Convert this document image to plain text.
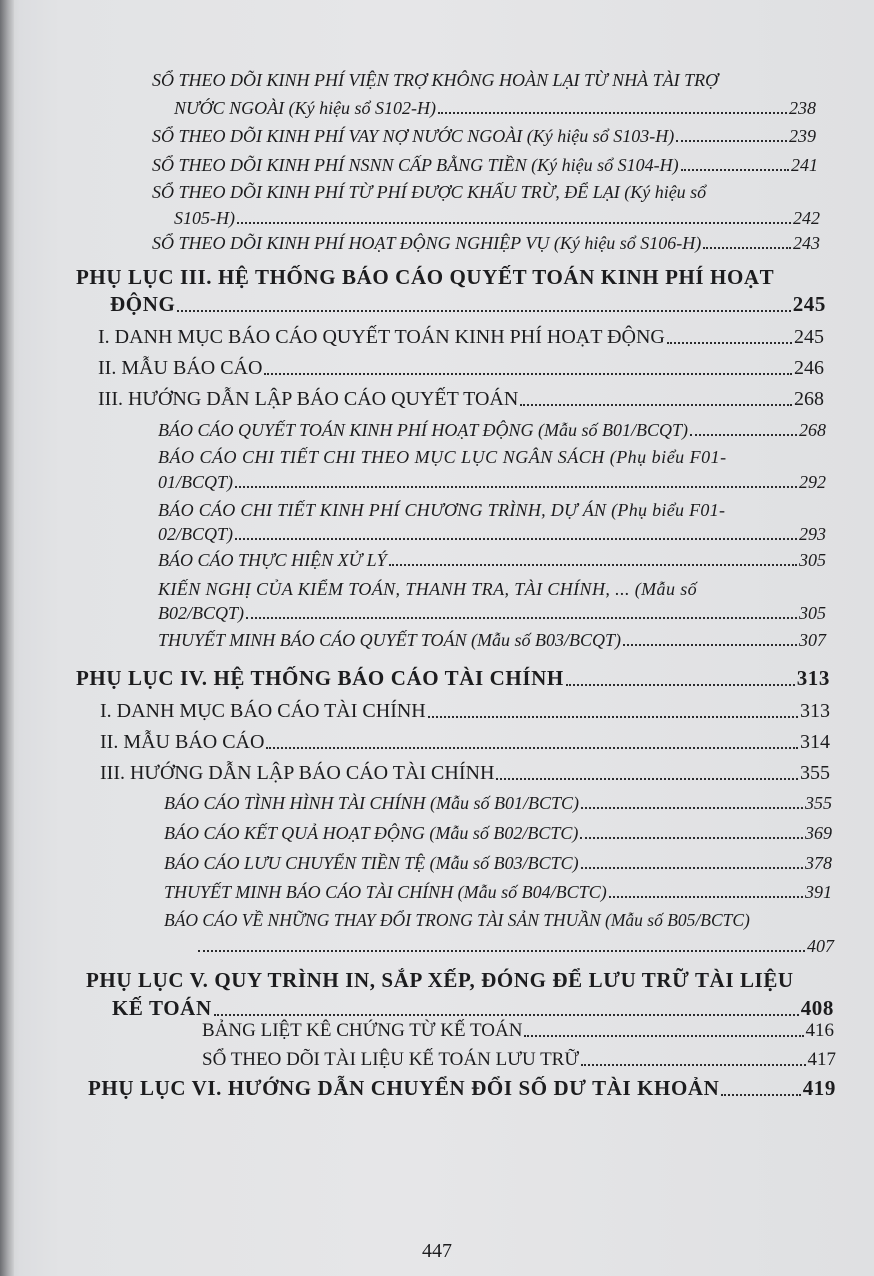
SỔ THEO DÕI KINH PHÍ VIỆN TRỢ KHÔNG HOÀN LẠI TỪ NHÀ TÀI TRỢ
NƯỚC NGOÀI (Ký hiệu sổ S102-H)	238
SỔ THEO DÕI KINH PHÍ VAY NỢ NƯỚC NGOÀI (Ký hiệu sổ S103-H)	239
SỔ THEO DÕI KINH PHÍ NSNN CẤP BẰNG TIỀN (Ký hiệu sổ S104-H)	241
SỔ THEO DÕI KINH PHÍ TỪ PHÍ ĐƯỢC KHẤU TRỪ, ĐỂ LẠI (Ký hiệu sổ
S105-H)	242
SỔ THEO DÕI KINH PHÍ HOẠT ĐỘNG NGHIỆP VỤ (Ký hiệu sổ S106-H)	243
PHỤ LỤC III. HỆ THỐNG BÁO CÁO QUYẾT TOÁN KINH PHÍ HOẠT
ĐỘNG	245
I. DANH MỤC BÁO CÁO QUYẾT TOÁN KINH PHÍ HOẠT ĐỘNG	245
II. MẪU BÁO CÁO	246
III. HƯỚNG DẪN LẬP BÁO CÁO QUYẾT TOÁN	268
BÁO CÁO QUYẾT TOÁN KINH PHÍ HOẠT ĐỘNG (Mẫu số B01/BCQT)	268
BÁO CÁO CHI TIẾT CHI THEO MỤC LỤC NGÂN SÁCH (Phụ biểu F01-
01/BCQT)	292
BÁO CÁO CHI TIẾT KINH PHÍ CHƯƠNG TRÌNH, DỰ ÁN (Phụ biểu F01-
02/BCQT)	293
BÁO CÁO THỰC HIỆN XỬ LÝ	305
KIẾN NGHỊ CỦA KIỂM TOÁN, THANH TRA, TÀI CHÍNH, ... (Mẫu số
B02/BCQT)	305
THUYẾT MINH BÁO CÁO QUYẾT TOÁN (Mẫu số B03/BCQT)	307
PHỤ LỤC IV. HỆ THỐNG BÁO CÁO TÀI CHÍNH	313
I. DANH MỤC BÁO CÁO TÀI CHÍNH	313
II. MẪU BÁO CÁO	314
III. HƯỚNG DẪN LẬP BÁO CÁO TÀI CHÍNH	355
BÁO CÁO TÌNH HÌNH TÀI CHÍNH (Mẫu số B01/BCTC)	355
BÁO CÁO KẾT QUẢ HOẠT ĐỘNG (Mẫu số B02/BCTC)	369
BÁO CÁO LƯU CHUYỂN TIỀN TỆ (Mẫu số B03/BCTC)	378
THUYẾT MINH BÁO CÁO TÀI CHÍNH (Mẫu số B04/BCTC)	391
BÁO CÁO VỀ NHỮNG THAY ĐỔI TRONG TÀI SẢN THUẦN (Mẫu số B05/BCTC)
407
PHỤ LỤC V. QUY TRÌNH IN, SẮP XẾP, ĐÓNG ĐỂ LƯU TRỮ TÀI LIỆU
KẾ TOÁN	408
BẢNG LIỆT KÊ CHỨNG TỪ KẾ TOÁN	416
SỔ THEO DÕI TÀI LIỆU KẾ TOÁN LƯU TRỮ	417
PHỤ LỤC VI. HƯỚNG DẪN CHUYỂN ĐỔI SỐ DƯ TÀI KHOẢN	419
447
